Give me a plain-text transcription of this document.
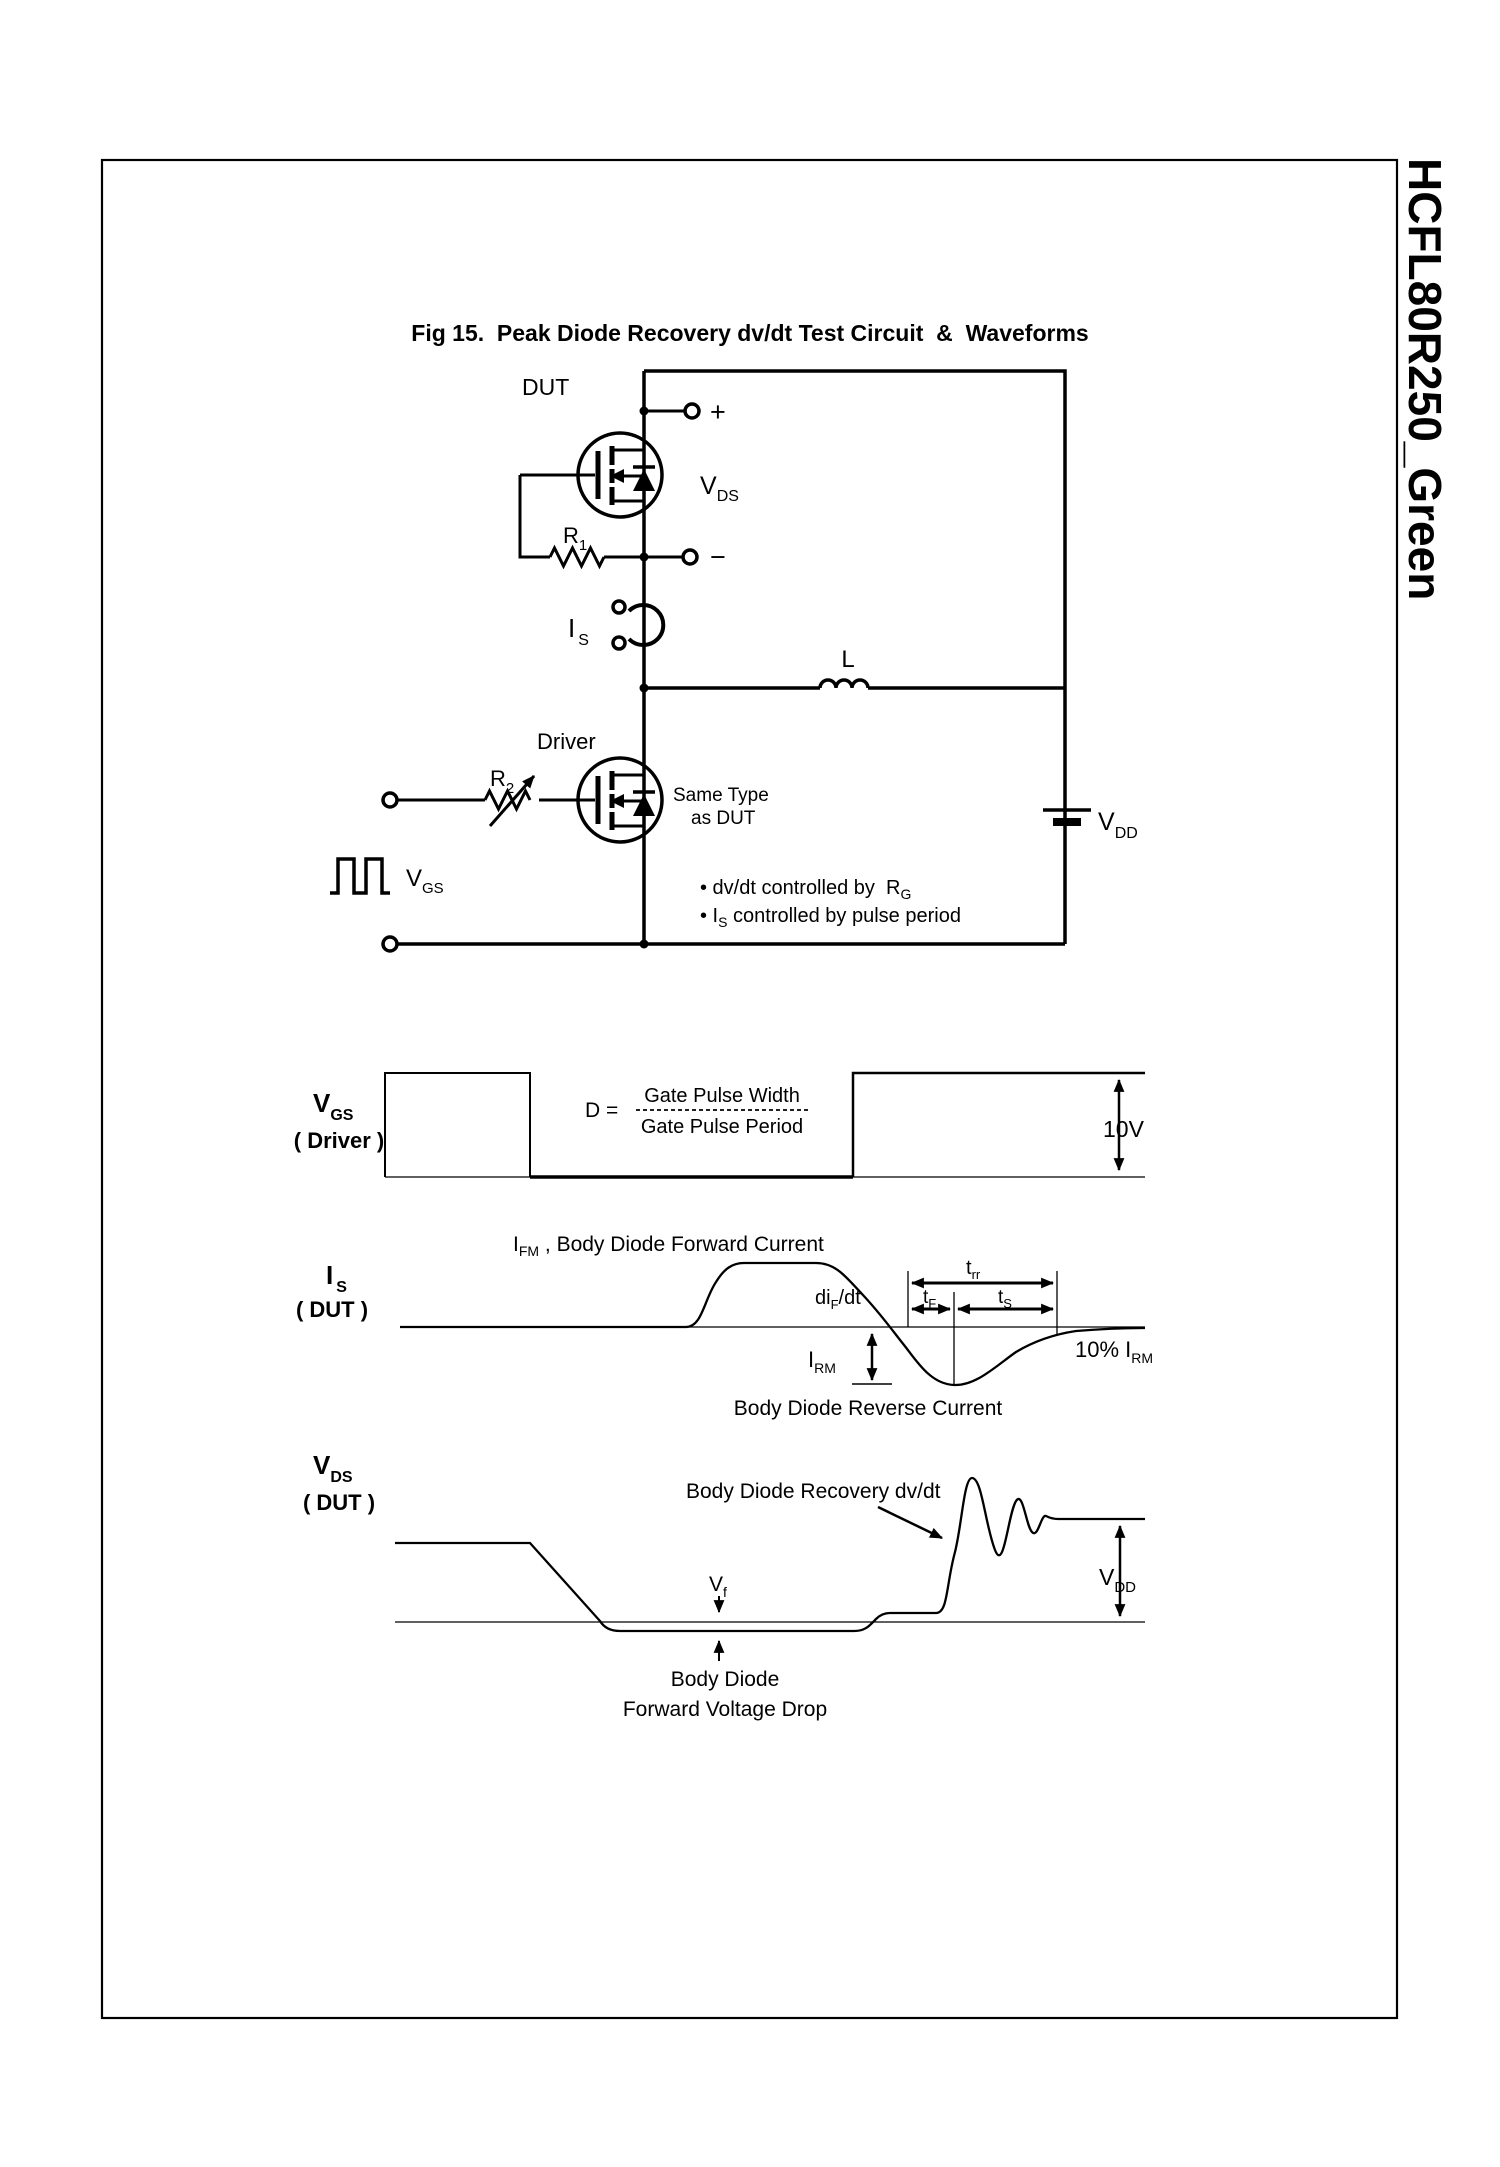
HCFL80R250_Green
Fig 15.  Peak Diode Recovery dv/dt Test Circuit  &  Waveforms
+
DUT
$V_{DS}$
$R_1$	−
I $_S$
L
Driver
Same Type
as DUT
$R_2$
$V_{GS}$
$V_{DD}$
• dv/dt controlled by  $R_G$
• $I_S$ controlled by pulse period
$V_{GS}$
( Driver )
D =
Gate Pulse Width
Gate Pulse Period	10V
I $_S$
( DUT )
$I_{FM}$ , Body Diode Forward Current
$t_{rr}$
$t_F$	$t_S$
$di_F/dt$
$I_{RM}$
10% $I_{RM}$
Body Diode Reverse Current
$V_{DS}$
( DUT )	Body Diode Recovery dv/dt
$V_f$
$V_{DD}$
Body Diode
Forward Voltage Drop
